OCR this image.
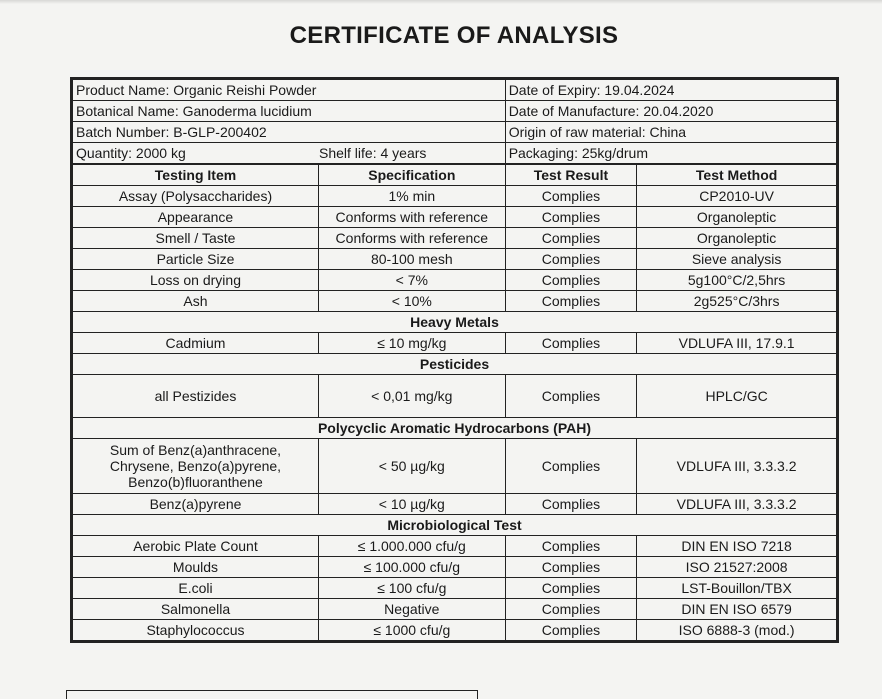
CERTIFICATE OF ANALYSIS
Product Name: Organic Reishi Powder	Date of Expiry: 19.04.2024
Botanical Name: Ganoderma lucidium	Date of Manufacture: 20.04.2020
Batch Number: B-GLP-200402	Origin of raw material: China
Quantity: 2000 kg Shelf life: 4 years	Packaging: 25kg/drum
Testing Item	Specification	Test Result	Test Method
Assay (Polysaccharides)	1% min	Complies	CP2010-UV
Appearance	Conforms with reference	Complies	Organoleptic
Smell / Taste	Conforms with reference	Complies	Organoleptic
Particle Size	80-100 mesh	Complies	Sieve analysis
Loss on drying	< 7%	Complies	5g100°C/2,5hrs
Ash	< 10%	Complies	2g525°C/3hrs
Heavy Metals			
Cadmium	≤ 10 mg/kg	Complies	VDLUFA III, 17.9.1
Pesticides			
all Pestizides	< 0,01 mg/kg	Complies	HPLC/GC
Polycyclic Aromatic Hydrocarbons (PAH)			

Sum of Benz(a)anthracene,
Chrysene, Benzo(a)pyrene,
Benzo(b)fluoranthene	< 50 µg/kg	Complies	VDLUFA III, 3.3.3.2
Benz(a)pyrene	< 10 µg/kg	Complies	VDLUFA III, 3.3.3.2
Microbiological Test			
Aerobic Plate Count	≤ 1.000.000 cfu/g	Complies	DIN EN ISO 7218
Moulds	≤ 100.000 cfu/g	Complies	ISO 21527:2008
E.coli	≤ 100 cfu/g	Complies	LST-Bouillon/TBX
Salmonella	Negative	Complies	DIN EN ISO 6579
Staphylococcus	≤ 1000 cfu/g	Complies	ISO 6888-3 (mod.)
